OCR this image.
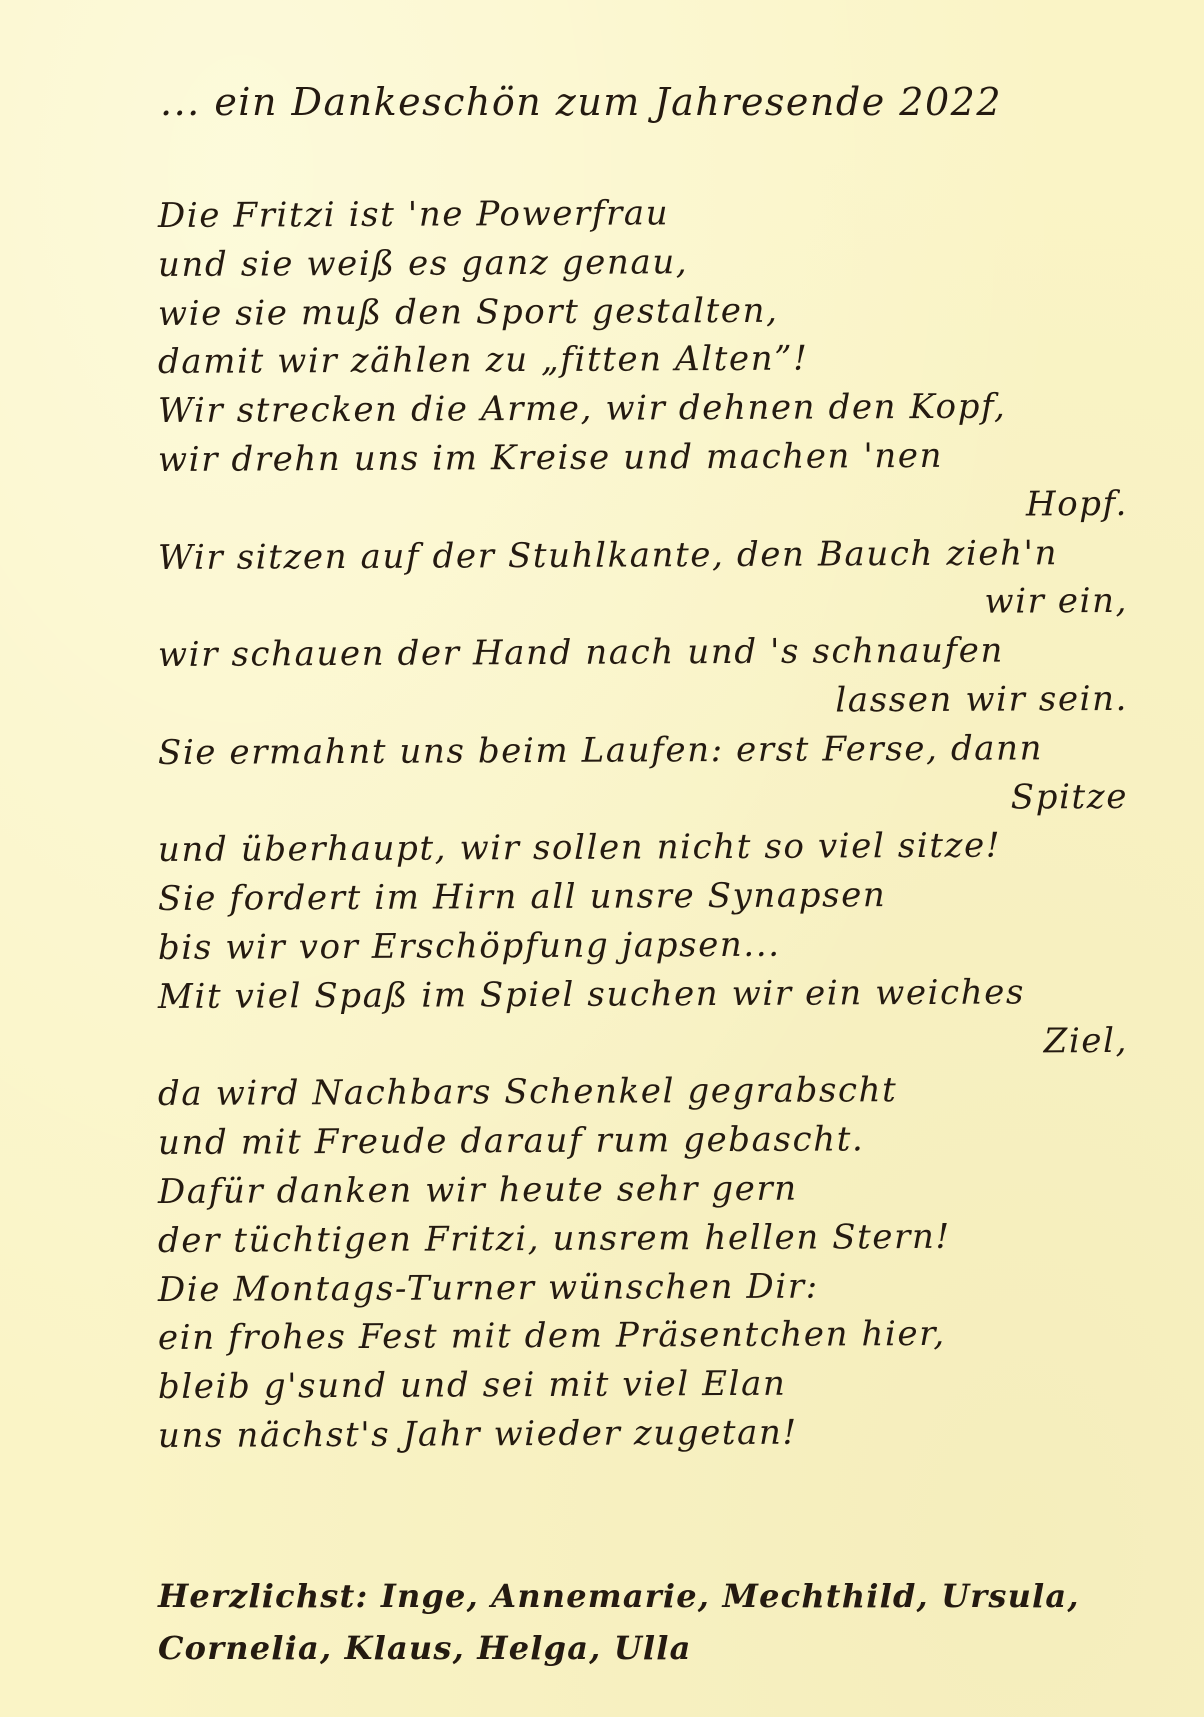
... ein Dankeschön zum Jahresende 2022
Die Fritzi ist 'ne Powerfrau
und sie weiß es ganz genau,
wie sie muß den Sport gestalten,
damit wir zählen zu „fitten Alten”!
Wir strecken die Arme, wir dehnen den Kopf,
wir drehn uns im Kreise und machen 'nen
Hopf.
Wir sitzen auf der Stuhlkante, den Bauch zieh'n
wir ein,
wir schauen der Hand nach und 's schnaufen
lassen wir sein.
Sie ermahnt uns beim Laufen: erst Ferse, dann
Spitze
und überhaupt, wir sollen nicht so viel sitze!
Sie fordert im Hirn all unsre Synapsen
bis wir vor Erschöpfung japsen...
Mit viel Spaß im Spiel suchen wir ein weiches
Ziel,
da wird Nachbars Schenkel gegrabscht
und mit Freude darauf rum gebascht.
Dafür danken wir heute sehr gern
der tüchtigen Fritzi, unsrem hellen Stern!
Die Montags-Turner wünschen Dir:
ein frohes Fest mit dem Präsentchen hier,
bleib g'sund und sei mit viel Elan
uns nächst's Jahr wieder zugetan!
Herzlichst: Inge, Annemarie, Mechthild, Ursula,
Cornelia, Klaus, Helga, Ulla
